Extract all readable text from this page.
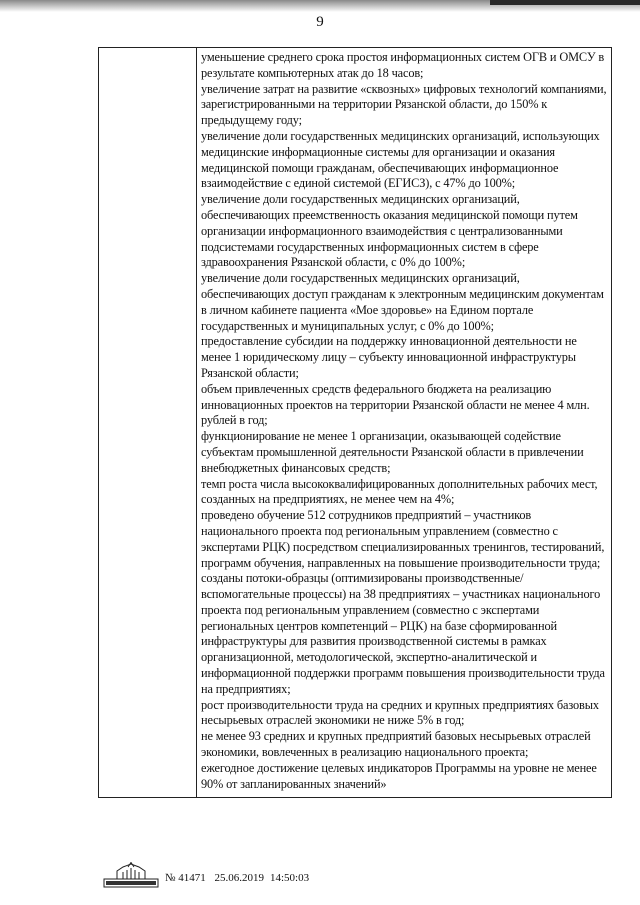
9
уменьшение среднего срока простоя информационных систем ОГВ и ОМСУ в результате компьютерных атак до 18 часов;
увеличение затрат на развитие «сквозных» цифровых технологий компаниями, зарегистрированными на территории Рязанской области, до 150% к предыдущему году;
увеличение доли государственных медицинских организаций, использующих медицинские информационные системы для организации и оказания медицинской помощи гражданам, обеспечивающих информационное взаимодействие с единой системой (ЕГИСЗ), с 47% до 100%;
увеличение доли государственных медицинских организаций, обеспечивающих преемственность оказания медицинской помощи путем организации информационного взаимодействия с централизованными подсистемами государственных информационных систем в сфере здравоохранения Рязанской области, с 0% до 100%;
увеличение доли государственных медицинских организаций, обеспечивающих доступ гражданам к электронным медицинским документам в личном кабинете пациента «Мое здоровье» на Едином портале государственных и муниципальных услуг, с 0% до 100%;
предоставление субсидии на поддержку инновационной деятельности не менее 1 юридическому лицу – субъекту инновационной инфраструктуры Рязанской области;
объем привлеченных средств федерального бюджета на реализацию инновационных проектов на территории Рязанской области не менее 4 млн. рублей в год;
функционирование не менее 1 организации, оказывающей содействие субъектам промышленной деятельности Рязанской области в привлечении внебюджетных финансовых средств;
темп роста числа высококвалифицированных дополнительных рабочих мест, созданных на предприятиях, не менее чем на 4%;
проведено обучение 512 сотрудников предприятий – участников национального проекта под региональным управлением (совместно с экспертами РЦК) посредством специализированных тренингов, тестирований, программ обучения, направленных на повышение производительности труда;
созданы потоки-образцы (оптимизированы производственные/ вспомогательные процессы) на 38 предприятиях – участниках национального проекта под региональным управлением (совместно с экспертами региональных центров компетенций – РЦК) на базе сформированной инфраструктуры для развития производственной системы в рамках организационной, методологической, экспертно-аналитической и информационной поддержки программ повышения производительности труда на предприятиях;
рост производительности труда на средних и крупных предприятиях базовых несырьевых отраслей экономики не ниже 5% в год;
не менее 93 средних и крупных предприятий базовых несырьевых отраслей экономики, вовлеченных в реализацию национального проекта;
ежегодное достижение целевых индикаторов Программы на уровне не менее 90% от запланированных значений»
№ 41471 25.06.2019 14:50:03
